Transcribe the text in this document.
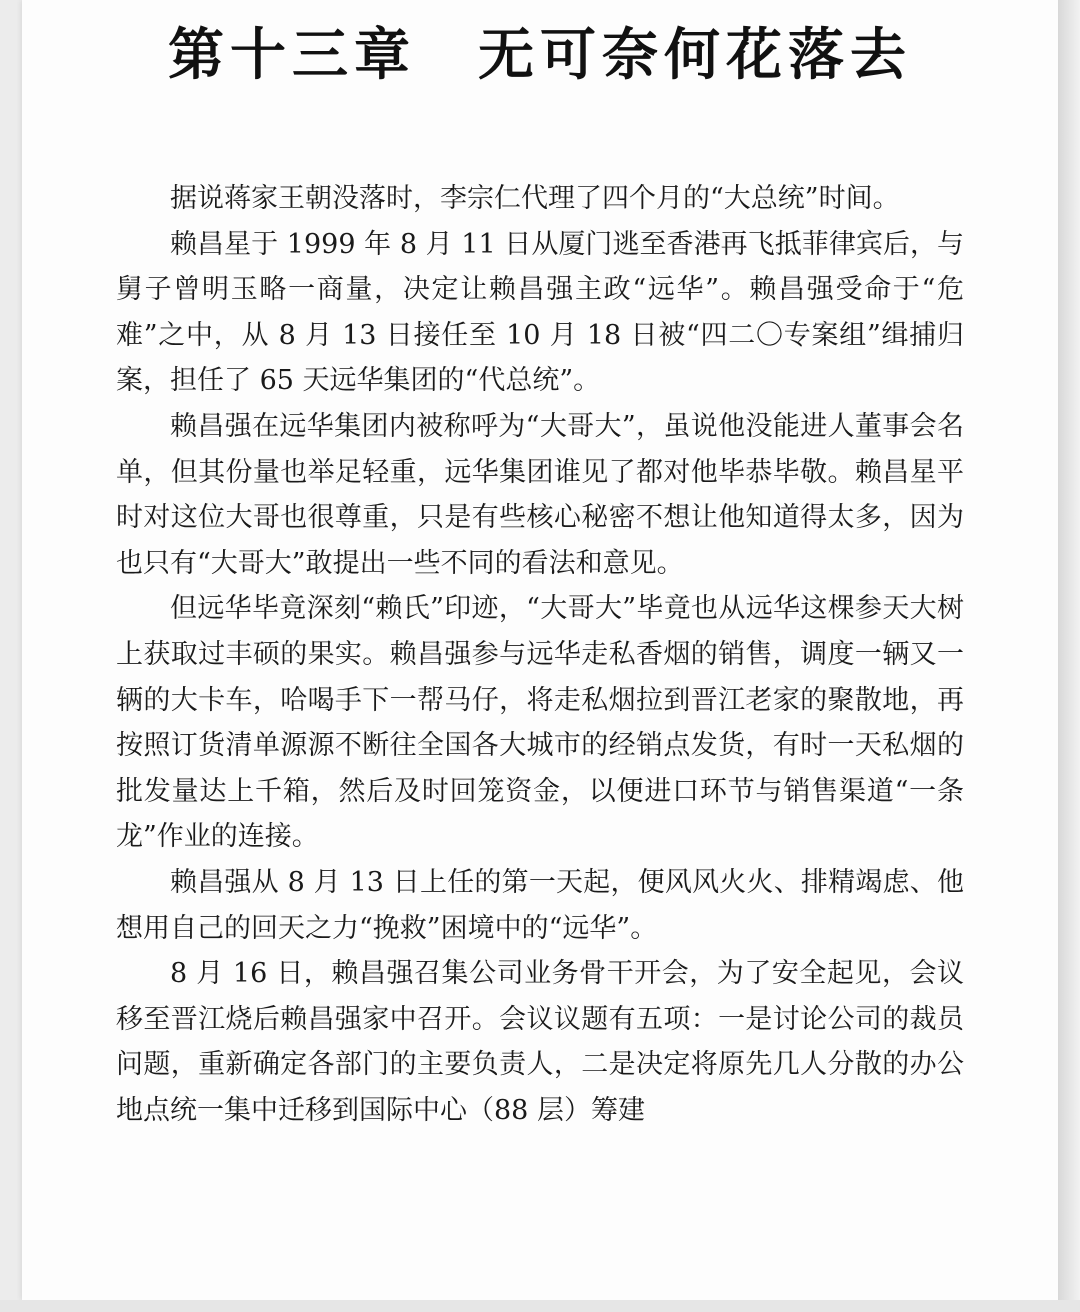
第十三章　无可奈何花落去

据说蒋家王朝没落时，李宗仁代理了四个月的“大总统”时间。

赖昌星于 1999 年 8 月 11 日从厦门逃至香港再飞抵菲律宾后，与舅子曾明玉略一商量，决定让赖昌强主政“远华”。赖昌强受命于“危难”之中，从 8 月 13 日接任至 10 月 18 日被“四二〇专案组”缉捕归案，担任了 65 天远华集团的“代总统”。

赖昌强在远华集团内被称呼为“大哥大”，虽说他没能进人董事会名单，但其份量也举足轻重，远华集团谁见了都对他毕恭毕敬。赖昌星平时对这位大哥也很尊重，只是有些核心秘密不想让他知道得太多，因为也只有“大哥大”敢提出一些不同的看法和意见。

但远华毕竟深刻“赖氏”印迹，“大哥大”毕竟也从远华这棵参天大树上获取过丰硕的果实。赖昌强参与远华走私香烟的销售，调度一辆又一辆的大卡车，哈喝手下一帮马仔，将走私烟拉到晋江老家的聚散地，再按照订货清单源源不断往全国各大城市的经销点发货，有时一天私烟的批发量达上千箱，然后及时回笼资金，以便进口环节与销售渠道“一条龙”作业的连接。

赖昌强从 8 月 13 日上任的第一天起，便风风火火、排精竭虑、他想用自己的回天之力“挽救”困境中的“远华”。

8 月 16 日，赖昌强召集公司业务骨干开会，为了安全起见，会议移至晋江烧后赖昌强家中召开。会议议题有五项：一是讨论公司的裁员问题，重新确定各部门的主要负责人，二是决定将原先几人分散的办公地点统一集中迁移到国际中心（88 层）筹建
